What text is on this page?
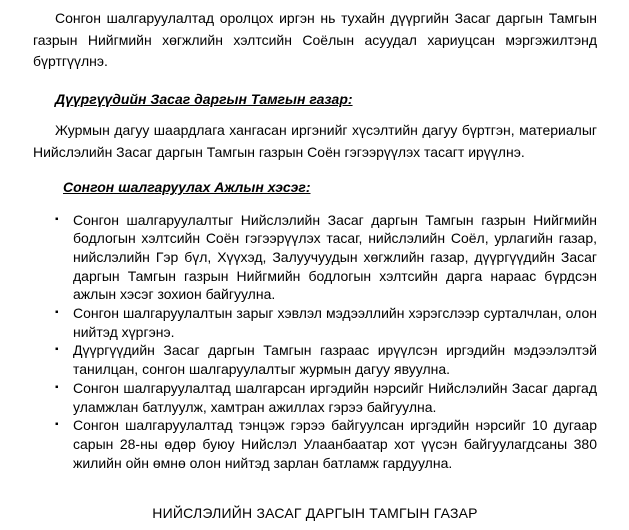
Сонгон шалгаруулалтад оролцох иргэн нь тухайн дүүргийн Засаг даргын Тамгын газрын Нийгмийн хөгжлийн хэлтсийн Соёлын асуудал хариуцсан мэргэжилтэнд бүртгүүлнэ.

Дүүргүүдийн Засаг даргын Тамгын газар:

Журмын дагуу шаардлага хангасан иргэнийг хүсэлтийн дагуу бүртгэн, материалыг Нийслэлийн Засаг даргын Тамгын газрын Соён гэгээрүүлэх тасагт ирүүлнэ.

Сонгон шалгаруулах Ажлын хэсэг:

▪ Сонгон шалгаруулалтыг Нийслэлийн Засаг даргын Тамгын газрын Нийгмийн бодлогын хэлтсийн Соён гэгээрүүлэх тасаг, нийслэлийн Соёл, урлагийн газар, нийслэлийн Гэр бүл, Хүүхэд, Залуучуудын хөгжлийн газар, дүүргүүдийн Засаг даргын Тамгын газрын Нийгмийн бодлогын хэлтсийн дарга нараас бүрдсэн ажлын хэсэг зохион байгуулна.
▪ Сонгон шалгаруулалтын зарыг хэвлэл мэдээллийн хэрэгслээр сурталчлан, олон нийтэд хүргэнэ.
▪ Дүүргүүдийн Засаг даргын Тамгын газраас ирүүлсэн иргэдийн мэдээлэлтэй танилцан, сонгон шалгаруулалтыг журмын дагуу явуулна.
▪ Сонгон шалгаруулалтад шалгарсан иргэдийн нэрсийг Нийслэлийн Засаг даргад уламжлан батлуулж, хамтран ажиллах гэрээ байгуулна.
▪ Сонгон шалгаруулалтад тэнцэж гэрээ байгуулсан иргэдийн нэрсийг 10 дугаар сарын 28-ны өдөр буюу Нийслэл Улаанбаатар хот үүсэн байгуулагдсаны 380 жилийн ойн өмнө олон нийтэд зарлан батламж гардуулна.
НИЙСЛЭЛИЙН ЗАСАГ ДАРГЫН ТАМГЫН ГАЗАР
